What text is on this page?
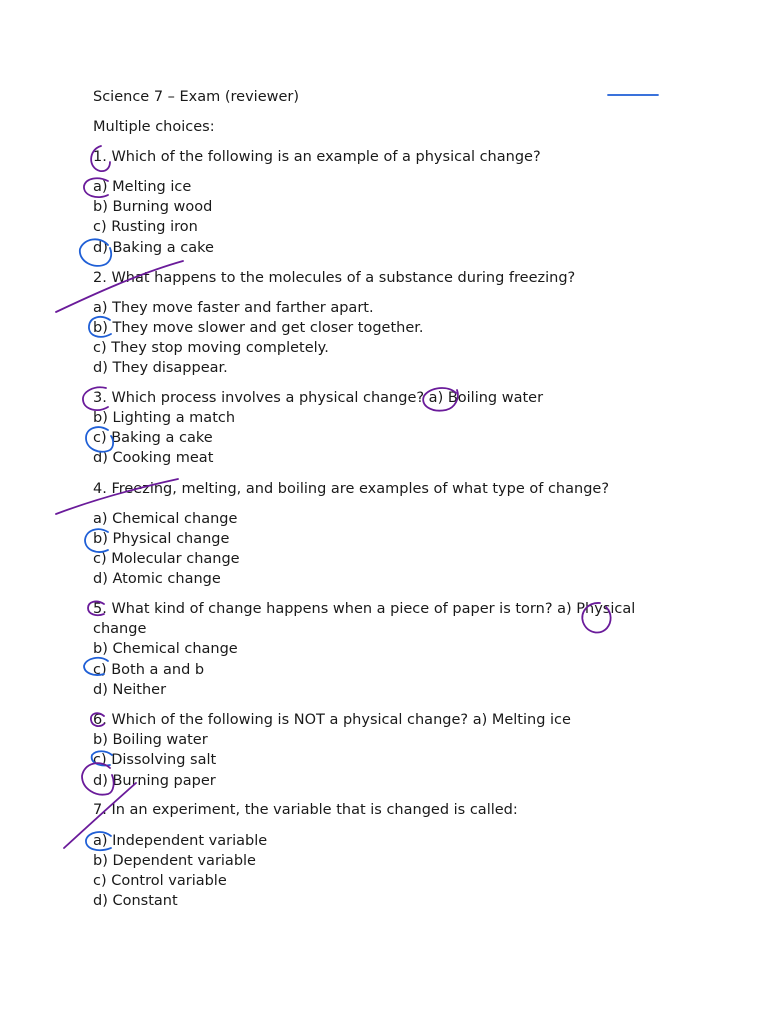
Science 7 – Exam (reviewer)
Multiple choices:
1. Which of the following is an example of a physical change?
a) Melting ice
b) Burning wood
c) Rusting iron
d) Baking a cake
2. What happens to the molecules of a substance during freezing?
a) They move faster and farther apart.
b) They move slower and get closer together.
c) They stop moving completely.
d) They disappear.
3. Which process involves a physical change? a) Boiling water
b) Lighting a match
c) Baking a cake
d) Cooking meat
4. Freezing, melting, and boiling are examples of what type of change?
a) Chemical change
b) Physical change
c) Molecular change
d) Atomic change
5. What kind of change happens when a piece of paper is torn? a) Physical
change
b) Chemical change
c) Both a and b
d) Neither
6. Which of the following is NOT a physical change? a) Melting ice
b) Boiling water
c) Dissolving salt
d) Burning paper
7. In an experiment, the variable that is changed is called:
a) Independent variable
b) Dependent variable
c) Control variable
d) Constant
